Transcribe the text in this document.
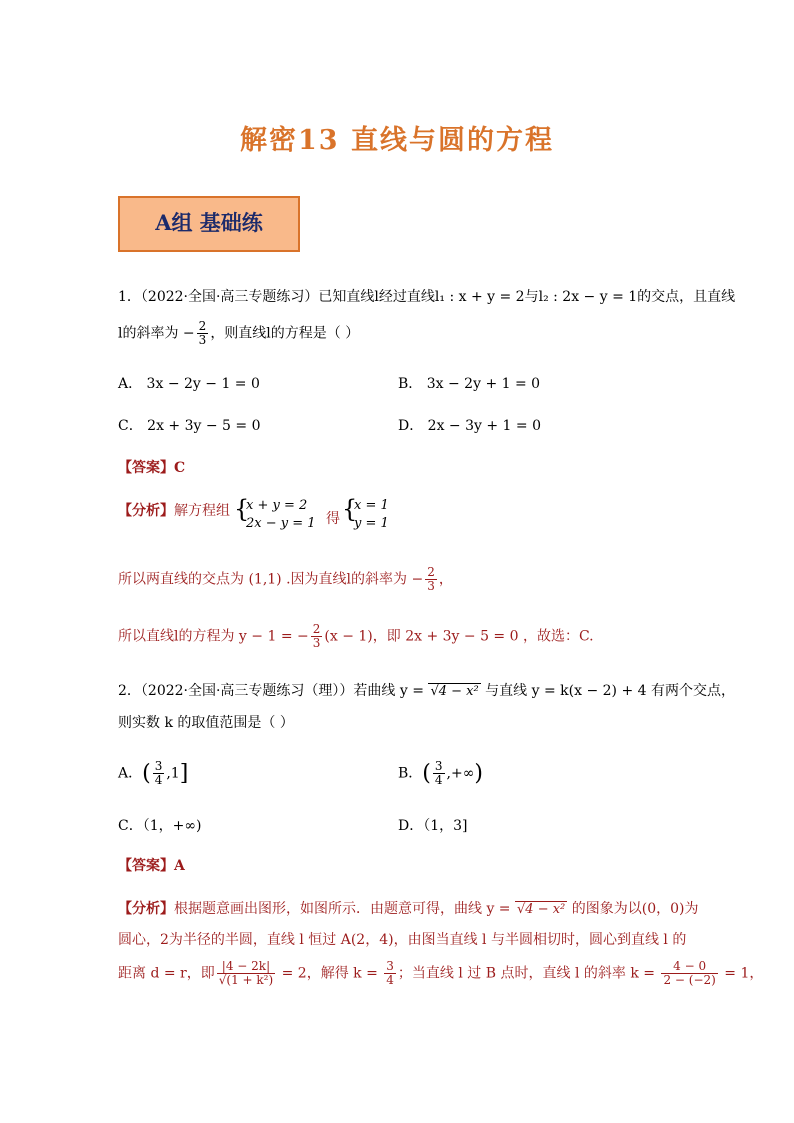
解密13 直线与圆的方程
A组 基础练
1．（2022·全国·高三专题练习）已知直线l经过直线l₁ : x + y = 2与l₂ : 2x − y = 1的交点，且直线
l的斜率为 − $\frac{2}{3}$ ，则直线l的方程是（ ）
A． 3x − 2y − 1 = 0	B． 3x − 2y + 1 = 0
C． 2x + 3y − 5 = 0	D． 2x − 3y + 1 = 0
【答案】C
【分析】解方程组 {
x + y = 2
2x − y = 1 得 {
x = 1
y = 1
所以两直线的交点为 (1,1) .因为直线l的斜率为 − $\frac{2}{3}$ ，
所以直线l的方程为 y − 1 = − $\frac{2}{3} (x - 1)$，即 2x + 3y − 5 = 0 ，故选：C.
2．（2022·全国·高三专题练习（理））若曲线 y = √4 − x² 与直线 y = k(x − 2) + 4 有两个交点，
则实数 k 的取值范围是（ ）
A．( $\frac{3}{4} ,1$]	B．( $\frac{3}{4}$ ,+∞)
C．（1，+∞)	D．（1，3]
【答案】A
【分析】根据题意画出图形，如图所示．由题意可得，曲线 y = √4 − x² 的图象为以(0，0)为
圆心，2为半径的半圆，直线 l 恒过 A(2，4)，由图当直线 l 与半圆相切时，圆心到直线 l 的
距离 d = r，即 $\frac{|4 - 2k|}{\text{√(1 + k²)}} = 2$，解得 $k = \frac{3}{4}$ ；当直线 l 过 B 点时，直线 l 的斜率 $k = \frac{4 - 0}{2 - (-2)} = 1$，
